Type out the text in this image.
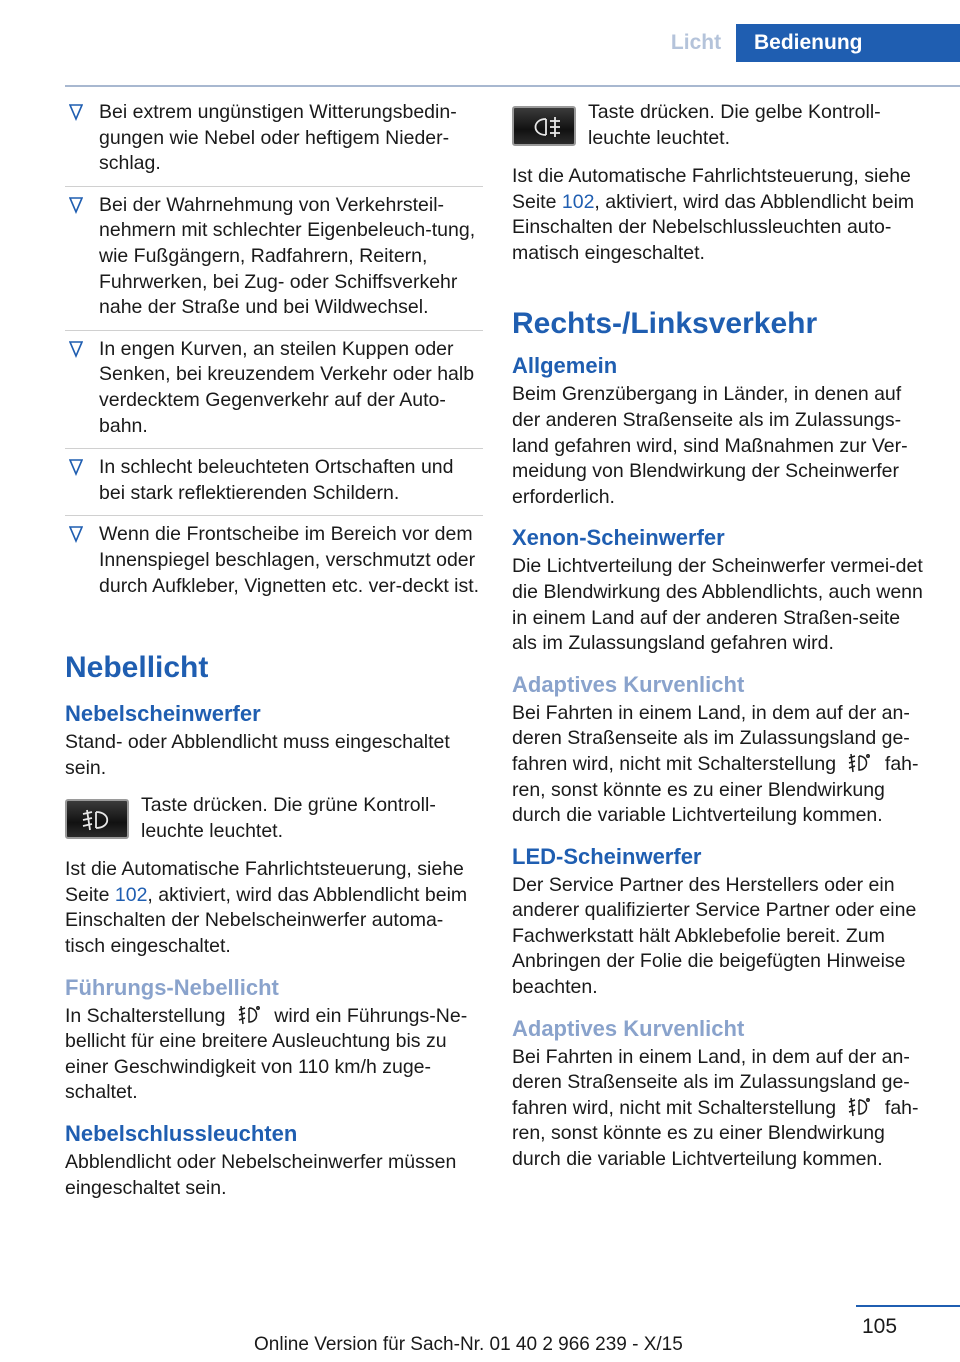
Licht	Bedienung
Bei extrem ungünstigen Witterungsbedin-gungen wie Nebel oder heftigem Nieder-schlag.
Bei der Wahrnehmung von Verkehrsteil-nehmern mit schlechter Eigenbeleuch-tung, wie Fußgängern, Radfahrern, Reitern, Fuhrwerken, bei Zug- oder Schiffsverkehr nahe der Straße und bei Wildwechsel.
In engen Kurven, an steilen Kuppen oder Senken, bei kreuzendem Verkehr oder halb verdecktem Gegenverkehr auf der Auto-bahn.
In schlecht beleuchteten Ortschaften und bei stark reflektierenden Schildern.
Wenn die Frontscheibe im Bereich vor dem Innenspiegel beschlagen, verschmutzt oder durch Aufkleber, Vignetten etc. ver-deckt ist.
Nebellicht
Nebelscheinwerfer

Stand- oder Abblendlicht muss eingeschaltet sein.

Taste drücken. Die grüne Kontroll-leuchte leuchtet.

Ist die Automatische Fahrlichtsteuerung, siehe Seite 102, aktiviert, wird das Abblendlicht beim Einschalten der Nebelscheinwerfer automa-tisch eingeschaltet.

Führungs-Nebellicht

In Schalterstellung  wird ein Führungs-Ne-bellicht für eine breitere Ausleuchtung bis zu einer Geschwindigkeit von 110 km/h zuge-schaltet.

Nebelschlussleuchten

Abblendlicht oder Nebelscheinwerfer müssen eingeschaltet sein.

Taste drücken. Die gelbe Kontroll-leuchte leuchtet.

Ist die Automatische Fahrlichtsteuerung, siehe Seite 102, aktiviert, wird das Abblendlicht beim Einschalten der Nebelschlussleuchten auto-matisch eingeschaltet.

Rechts-/Linksverkehr
Allgemein

Beim Grenzübergang in Länder, in denen auf der anderen Straßenseite als im Zulassungs-land gefahren wird, sind Maßnahmen zur Ver-meidung von Blendwirkung der Scheinwerfer erforderlich.

Xenon-Scheinwerfer

Die Lichtverteilung der Scheinwerfer vermei-det die Blendwirkung des Abblendlichts, auch wenn in einem Land auf der anderen Straßen-seite als im Zulassungsland gefahren wird.

Adaptives Kurvenlicht

Bei Fahrten in einem Land, in dem auf der an-deren Straßenseite als im Zulassungsland ge-fahren wird, nicht mit Schalterstellung  fah-ren, sonst könnte es zu einer Blendwirkung durch die variable Lichtverteilung kommen.

LED-Scheinwerfer

Der Service Partner des Herstellers oder ein anderer qualifizierter Service Partner oder eine Fachwerkstatt hält Abklebefolie bereit. Zum Anbringen der Folie die beigefügten Hinweise beachten.

Adaptives Kurvenlicht

Bei Fahrten in einem Land, in dem auf der an-deren Straßenseite als im Zulassungsland ge-fahren wird, nicht mit Schalterstellung  fah-ren, sonst könnte es zu einer Blendwirkung durch die variable Lichtverteilung kommen.

105
Online Version für Sach-Nr. 01 40 2 966 239 - X/15
